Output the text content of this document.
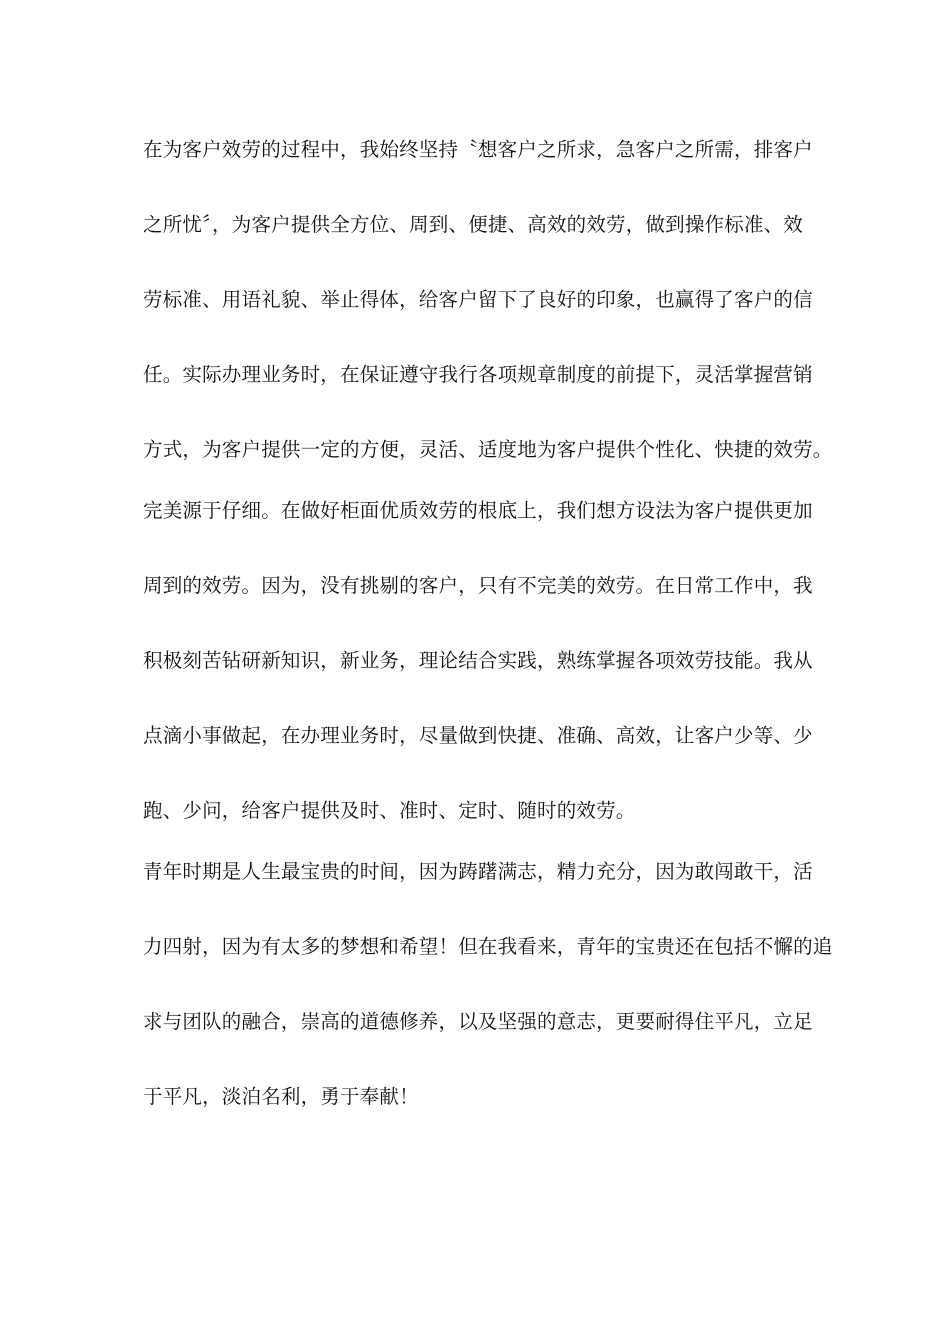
在为客户效劳的过程中，我始终坚持〝想客户之所求，急客户之所需，排客户
之所忧〞，为客户提供全方位、周到、便捷、高效的效劳，做到操作标准、效
劳标准、用语礼貌、举止得体，给客户留下了良好的印象，也赢得了客户的信
任。实际办理业务时，在保证遵守我行各项规章制度的前提下，灵活掌握营销
方式，为客户提供一定的方便，灵活、适度地为客户提供个性化、快捷的效劳。
完美源于仔细。在做好柜面优质效劳的根底上，我们想方设法为客户提供更加
周到的效劳。因为，没有挑剔的客户，只有不完美的效劳。在日常工作中，我
积极刻苦钻研新知识，新业务，理论结合实践，熟练掌握各项效劳技能。我从
点滴小事做起，在办理业务时，尽量做到快捷、准确、高效，让客户少等、少
跑、少问，给客户提供及时、准时、定时、随时的效劳。
青年时期是人生最宝贵的时间，因为踌躇满志，精力充分，因为敢闯敢干，活
力四射，因为有太多的梦想和希望！但在我看来，青年的宝贵还在包括不懈的追
求与团队的融合，崇高的道德修养，以及坚强的意志，更要耐得住平凡，立足
于平凡，淡泊名利，勇于奉献！
